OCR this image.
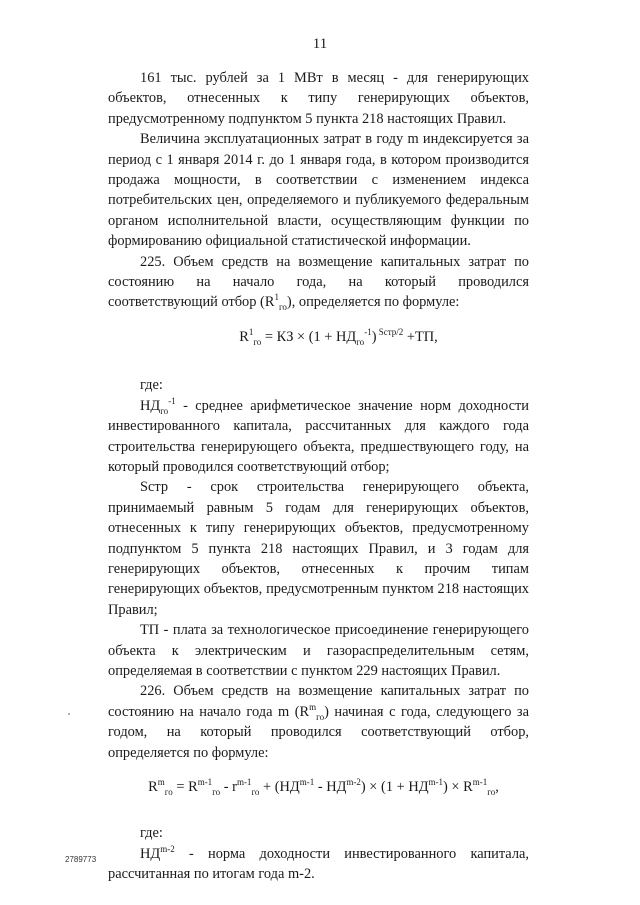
11

161 тыс. рублей за 1 МВт в месяц - для генерирующих объектов, отнесенных к типу генерирующих объектов, предусмотренному подпунктом 5 пункта 218 настоящих Правил.

Величина эксплуатационных затрат в году m индексируется за период с 1 января 2014 г. до 1 января года, в котором производится продажа мощности, в соответствии с изменением индекса потребительских цен, определяемого и публикуемого федеральным органом исполнительной власти, осуществляющим функции по формированию официальной статистической информации.

225. Объем средств на возмещение капитальных затрат по состоянию на начало года, на который проводился соответствующий отбор $(R^1_{го})$, определяется по формуле:

$R^1_{го}$ = КЗ × $(1 + НД_{го}^{-1})$ $^{Sстр/2}$ +ТП,

где:

$НД_{го}^{-1}$ - среднее арифметическое значение норм доходности инвестированного капитала, рассчитанных для каждого года строительства генерирующего объекта, предшествующего году, на который проводился соответствующий отбор;

Sстр - срок строительства генерирующего объекта, принимаемый равным 5 годам для генерирующих объектов, отнесенных к типу генерирующих объектов, предусмотренному подпунктом 5 пункта 218 настоящих Правил, и 3 годам для генерирующих объектов, отнесенных к прочим типам генерирующих объектов, предусмотренным пунктом 218 настоящих Правил;

ТП - плата за технологическое присоединение генерирующего объекта к электрическим и газораспределительным сетям, определяемая в соответствии с пунктом 229 настоящих Правил.

226. Объем средств на возмещение капитальных затрат по состоянию на начало года m $(R^m_{го})$ начиная с года, следующего за годом, на который проводился соответствующий отбор, определяется по формуле:

$R^m_{го} = R^{m-1}_{го} - r^{m-1}_{го} + (НД^{m-1} - НД^{m-2}) \times (1 + НД^{m-1}) \times R^{m-1}_{го}$,

где:

НД$^{m-2}$ - норма доходности инвестированного капитала, рассчитанная по итогам года m-2.

2789773
